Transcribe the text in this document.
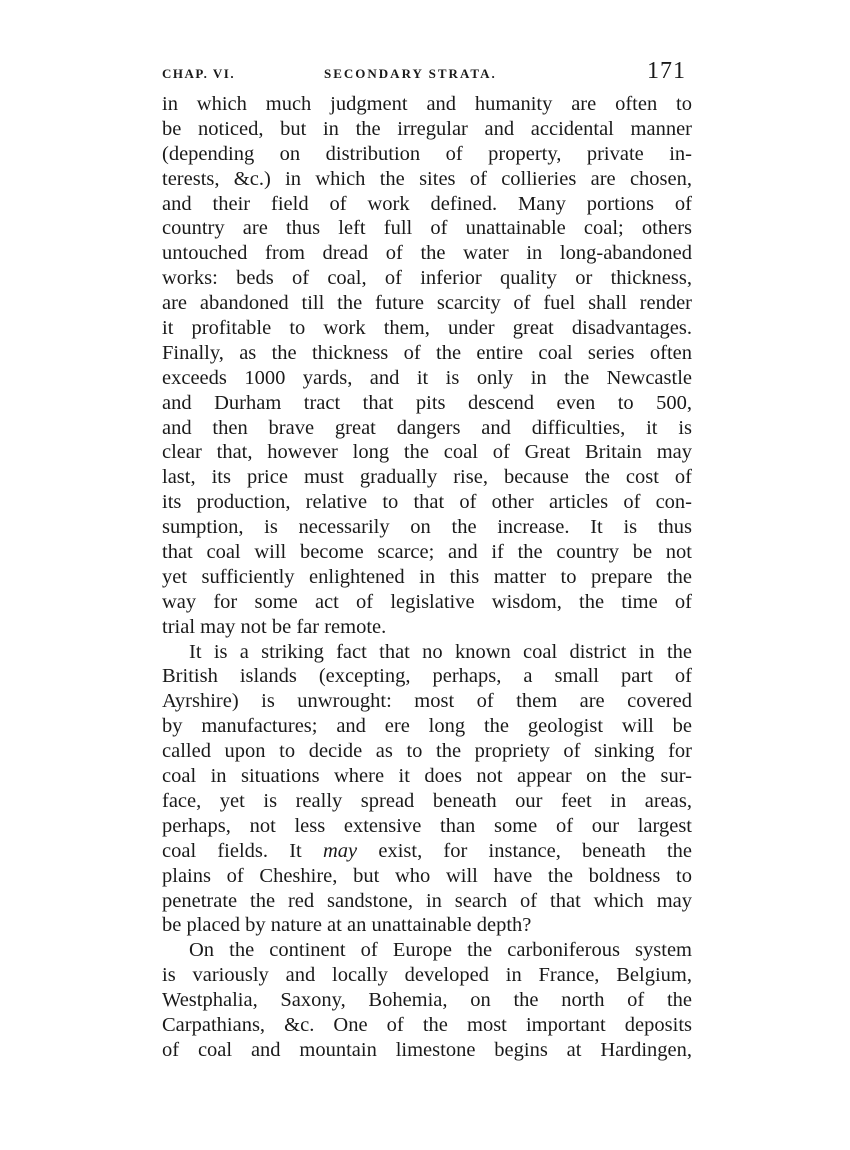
CHAP. VI.	SECONDARY STRATA.	171
in which much judgment and humanity are often to
be noticed, but in the irregular and accidental manner
(depending on distribution of property, private in-
terests, &c.) in which the sites of collieries are chosen,
and their field of work defined. Many portions of
country are thus left full of unattainable coal; others
untouched from dread of the water in long-abandoned
works: beds of coal, of inferior quality or thickness,
are abandoned till the future scarcity of fuel shall render
it profitable to work them, under great disadvantages.
Finally, as the thickness of the entire coal series often
exceeds 1000 yards, and it is only in the Newcastle
and Durham tract that pits descend even to 500,
and then brave great dangers and difficulties, it is
clear that, however long the coal of Great Britain may
last, its price must gradually rise, because the cost of
its production, relative to that of other articles of con-
sumption, is necessarily on the increase. It is thus
that coal will become scarce; and if the country be not
yet sufficiently enlightened in this matter to prepare the
way for some act of legislative wisdom, the time of
trial may not be far remote.
It is a striking fact that no known coal district in the
British islands (excepting, perhaps, a small part of
Ayrshire) is unwrought: most of them are covered
by manufactures; and ere long the geologist will be
called upon to decide as to the propriety of sinking for
coal in situations where it does not appear on the sur-
face, yet is really spread beneath our feet in areas,
perhaps, not less extensive than some of our largest
coal fields. It may exist, for instance, beneath the
plains of Cheshire, but who will have the boldness to
penetrate the red sandstone, in search of that which may
be placed by nature at an unattainable depth?
On the continent of Europe the carboniferous system
is variously and locally developed in France, Belgium,
Westphalia, Saxony, Bohemia, on the north of the
Carpathians, &c. One of the most important deposits
of coal and mountain limestone begins at Hardingen,
